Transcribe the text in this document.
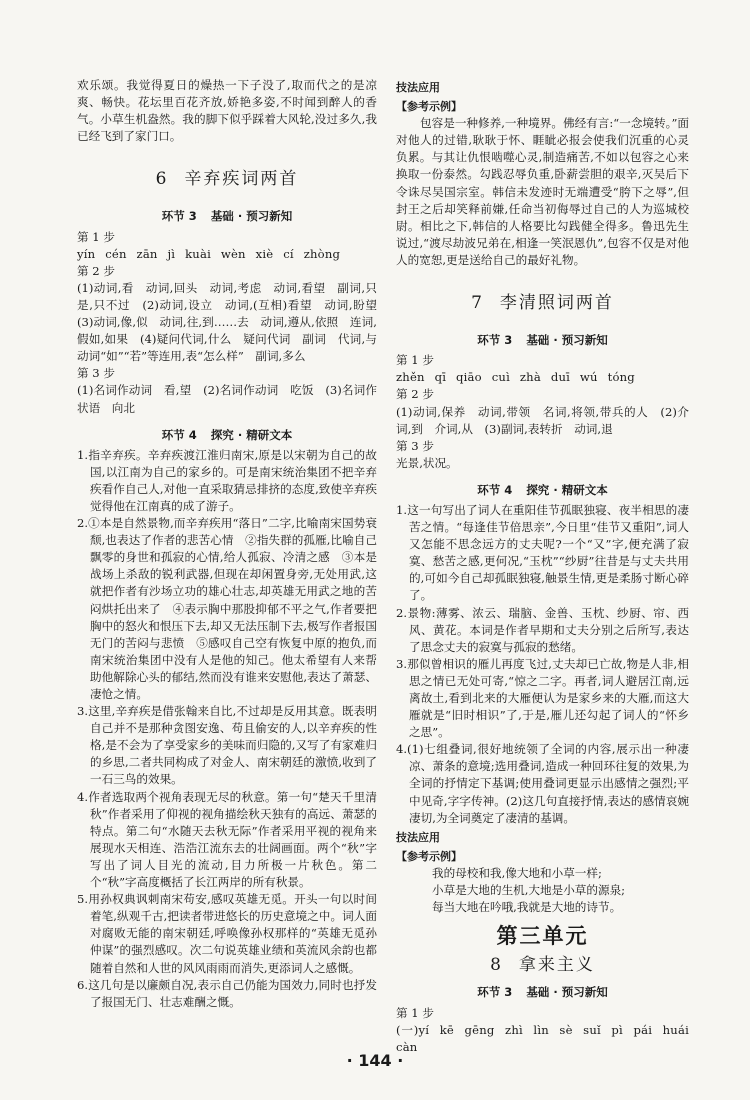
欢乐颂。我觉得夏日的燥热一下子没了,取而代之的是凉爽、畅快。花坛里百花齐放,娇艳多姿,不时闻到醉人的香气。小草生机盎然。我的脚下似乎踩着大风轮,没过多久,我已经飞到了家门口。

6 辛弃疾词两首
环节 3 基础 · 预习新知

第 1 步

yín cén zān jì kuài wèn xiè cí zhòng

第 2 步

(1)动词,看　动词,回头　动词,考虑　动词,看望　副词,只是,只不过　(2)动词,设立　动词,(互相)看望　动词,盼望　(3)动词,像,似　动词,往,到……去　动词,遵从,依照　连词,假如,如果　(4)疑问代词,什么　疑问代词　副词　代词,与动词“如”“若”等连用,表“怎么样”　副词,多么

第 3 步

(1)名词作动词　看,望　(2)名词作动词　吃饭　(3)名词作状语　向北

环节 4 探究 · 精研文本

1.指辛弃疾。辛弃疾渡江淮归南宋,原是以宋朝为自己的故国,以江南为自己的家乡的。可是南宋统治集团不把辛弃疾看作自己人,对他一直采取猜忌排挤的态度,致使辛弃疾觉得他在江南真的成了游子。

2.①本是自然景物,而辛弃疾用“落日”二字,比喻南宋国势衰颓,也表达了作者的悲苦心情　②指失群的孤雁,比喻自己飘零的身世和孤寂的心情,给人孤寂、冷清之感　③本是战场上杀敌的锐利武器,但现在却闲置身旁,无处用武,这就把作者有沙场立功的雄心壮志,却英雄无用武之地的苦闷烘托出来了　④表示胸中那股抑郁不平之气,作者要把胸中的怒火和恨压下去,却又无法压制下去,极写作者报国无门的苦闷与悲愤　⑤感叹自己空有恢复中原的抱负,而南宋统治集团中没有人是他的知己。他太希望有人来帮助他解除心头的郁结,然而没有谁来安慰他,表达了萧瑟、凄怆之情。

3.这里,辛弃疾是借张翰来自比,不过却是反用其意。既表明自己并不是那种贪图安逸、苟且偷安的人,以辛弃疾的性格,是不会为了享受家乡的美味而归隐的,又写了有家难归的乡思,二者共同构成了对金人、南宋朝廷的激愤,收到了一石三鸟的效果。

4.作者选取两个视角表现无尽的秋意。第一句“楚天千里清秋”作者采用了仰视的视角描绘秋天独有的高远、萧瑟的特点。第二句“水随天去秋无际”作者采用平视的视角来展现水天相连、浩浩江流东去的壮阔画面。两个“秋”字写出了词人目光的流动,目力所极一片秋色。第二个“秋”字高度概括了长江两岸的所有秋景。

5.用孙权典讽刺南宋苟安,感叹英雄无觅。开头一句以时间着笔,纵观千古,把读者带进悠长的历史意境之中。词人面对腐败无能的南宋朝廷,呼唤像孙权那样的“英雄无觅孙仲谋”的强烈感叹。次二句说英雄业绩和英流风余韵也都随着自然和人世的风风雨雨而消失,更添词人之感慨。

6.这几句是以廉颇自况,表示自己仍能为国效力,同时也抒发了报国无门、壮志难酬之慨。

技法应用

【参考示例】

包容是一种修养,一种境界。佛经有言:“一念境转。”面对他人的过错,耿耿于怀、睚眦必报会使我们沉重的心灵负累。与其让仇恨啮噬心灵,制造痛苦,不如以包容之心来换取一份泰然。勾践忍辱负重,卧薪尝胆的艰辛,灭吴后下令诛尽吴国宗室。韩信未发迹时无端遭受“胯下之辱”,但封王之后却笑释前嫌,任命当初侮辱过自己的人为巡城校尉。相比之下,韩信的人格要比勾践健全得多。鲁迅先生说过,“渡尽劫波兄弟在,相逢一笑泯恩仇”,包容不仅是对他人的宽恕,更是送给自己的最好礼物。

7 李清照词两首
环节 3 基础 · 预习新知

第 1 步

zhěn qī qiāo cuì zhà duī wú tóng

第 2 步

(1)动词,保养　动词,带领　名词,将领,带兵的人　(2)介词,到　介词,从　(3)副词,表转折　动词,退

第 3 步

光景,状况。

环节 4 探究 · 精研文本

1.这一句写出了词人在重阳佳节孤眠独寝、夜半相思的凄苦之情。“每逢佳节倍思亲”,今日里“佳节又重阳”,词人又怎能不思念远方的丈夫呢?一个“又”字,便充满了寂寞、愁苦之感,更何况,“玉枕”“纱厨”往昔是与丈夫共用的,可如今自己却孤眠独寝,触景生情,更是柔肠寸断心碎了。

2.景物:薄雾、浓云、瑞脑、金兽、玉枕、纱厨、帘、西风、黄花。本词是作者早期和丈夫分别之后所写,表达了思念丈夫的寂寞与孤寂的愁绪。

3.那似曾相识的雁儿再度飞过,丈夫却已亡故,物是人非,相思之情已无处可寄,“惊之二字。再者,词人避居江南,远离故土,看到北来的大雁便认为是家乡来的大雁,而这大雁就是“旧时相识”了,于是,雁儿还勾起了词人的“怀乡之思”。

4.(1)七组叠词,很好地统领了全词的内容,展示出一种凄凉、萧条的意境;选用叠词,造成一种回环往复的效果,为全词的抒情定下基调;使用叠词更显示出感情之强烈;平中见奇,字字传神。(2)这几句直接抒情,表达的感情哀婉凄切,为全词奠定了凄清的基调。

技法应用

【参考示例】

我的母校和我,像大地和小草一样;

小草是大地的生机,大地是小草的源泉;

每当大地在吟哦,我就是大地的诗节。

第三单元
8 拿来主义
环节 3 基础 · 预习新知

第 1 步

(一)yí kē gēng zhì lìn sè suǐ pì pái huái càn

· 144 ·
